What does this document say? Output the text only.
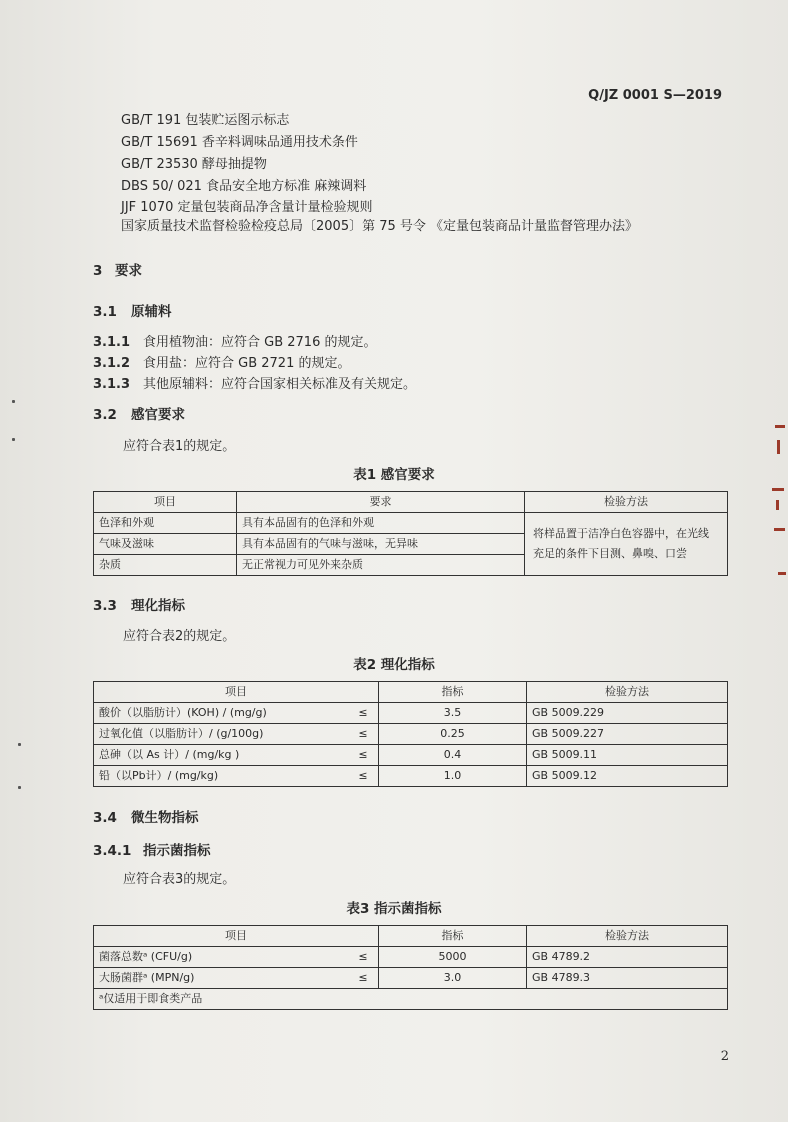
Q/JZ 0001 S—2019
GB/T 191 包装贮运图示标志
GB/T 15691 香辛料调味品通用技术条件
GB/T 23530 酵母抽提物
DBS 50/ 021 食品安全地方标准 麻辣调料
JJF 1070 定量包装商品净含量计量检验规则
国家质量技术监督检验检疫总局〔2005〕第 75 号令 《定量包装商品计量监督管理办法》
3 要求
3.1 原辅料
3.1.1 食用植物油：应符合 GB 2716 的规定。
3.1.2 食用盐：应符合 GB 2721 的规定。
3.1.3 其他原辅料：应符合国家相关标准及有关规定。
3.2 感官要求
应符合表1的规定。
表1 感官要求
项目	要求	检验方法
色泽和外观	具有本品固有的色泽和外观	将样品置于洁净白色容器中，在光线充足的条件下目测、鼻嗅、口尝
气味及滋味	具有本品固有的气味与滋味，无异味	
杂质	无正常视力可见外来杂质	
3.3 理化指标
应符合表2的规定。
表2 理化指标
项目		指标	检验方法
酸价（以脂肪计）(KOH) / (mg/g)	≤	3.5	GB 5009.229
过氧化值（以脂肪计）/ (g/100g)	≤	0.25	GB 5009.227
总砷（以 As 计）/ (mg/kg )	≤	0.4	GB 5009.11
铅（以Pb计）/ (mg/kg)	≤	1.0	GB 5009.12
3.4 微生物指标
3.4.1 指示菌指标
应符合表3的规定。
表3 指示菌指标
项目		指标	检验方法
菌落总数ᵃ (CFU/g)	≤	5000	GB 4789.2
大肠菌群ᵃ (MPN/g)	≤	3.0	GB 4789.3
ᵃ仅适用于即食类产品			
2
